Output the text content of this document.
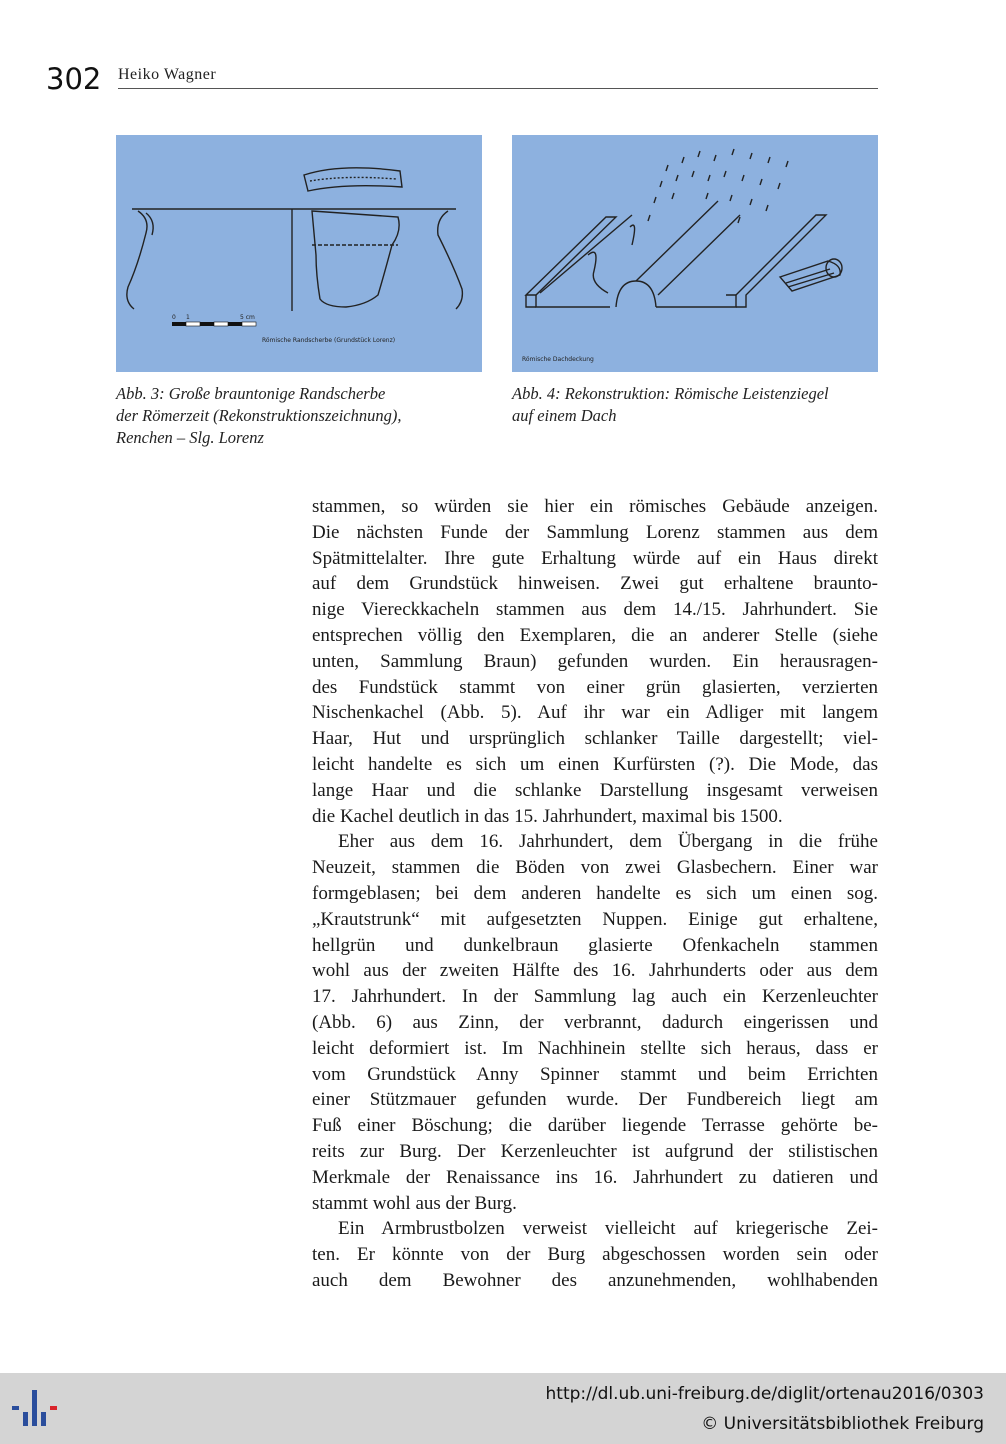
302 Heiko Wagner
0 1	5 cm
Römische Randscherbe (Grundstück Lorenz)
Römische Dachdeckung
Abb. 3: Große brauntonige Randscherbe
der Römerzeit (Rekonstruktionszeichnung),
Renchen – Slg. Lorenz
Abb. 4: Rekonstruktion: Römische Leistenziegel
auf einem Dach
stammen, so würden sie hier ein römisches Gebäude anzeigen.
Die nächsten Funde der Sammlung Lorenz stammen aus dem
Spätmittelalter. Ihre gute Erhaltung würde auf ein Haus direkt
auf dem Grundstück hinweisen. Zwei gut erhaltene braunto-
nige Viereckkacheln stammen aus dem 14./15. Jahrhundert. Sie
entsprechen völlig den Exemplaren, die an anderer Stelle (siehe
unten, Sammlung Braun) gefunden wurden. Ein herausragen-
des Fundstück stammt von einer grün glasierten, verzierten
Nischenkachel (Abb. 5). Auf ihr war ein Adliger mit langem
Haar, Hut und ursprünglich schlanker Taille dargestellt; viel-
leicht handelte es sich um einen Kurfürsten (?). Die Mode, das
lange Haar und die schlanke Darstellung insgesamt verweisen
die Kachel deutlich in das 15. Jahrhundert, maximal bis 1500.
Eher aus dem 16. Jahrhundert, dem Übergang in die frühe
Neuzeit, stammen die Böden von zwei Glasbechern. Einer war
formgeblasen; bei dem anderen handelte es sich um einen sog.
„Krautstrunk“ mit aufgesetzten Nuppen. Einige gut erhaltene,
hellgrün und dunkelbraun glasierte Ofenkacheln stammen
wohl aus der zweiten Hälfte des 16. Jahrhunderts oder aus dem
17. Jahrhundert. In der Sammlung lag auch ein Kerzenleuchter
(Abb. 6) aus Zinn, der verbrannt, dadurch eingerissen und
leicht deformiert ist. Im Nachhinein stellte sich heraus, dass er
vom Grundstück Anny Spinner stammt und beim Errichten
einer Stützmauer gefunden wurde. Der Fundbereich liegt am
Fuß einer Böschung; die darüber liegende Terrasse gehörte be-
reits zur Burg. Der Kerzenleuchter ist aufgrund der stilistischen
Merkmale der Renaissance ins 16. Jahrhundert zu datieren und
stammt wohl aus der Burg.
Ein Armbrustbolzen verweist vielleicht auf kriegerische Zei-
ten. Er könnte von der Burg abgeschossen worden sein oder
auch dem Bewohner des anzunehmenden, wohlhabenden
http://dl.ub.uni-freiburg.de/diglit/ortenau2016/0303
© Universitätsbibliothek Freiburg
